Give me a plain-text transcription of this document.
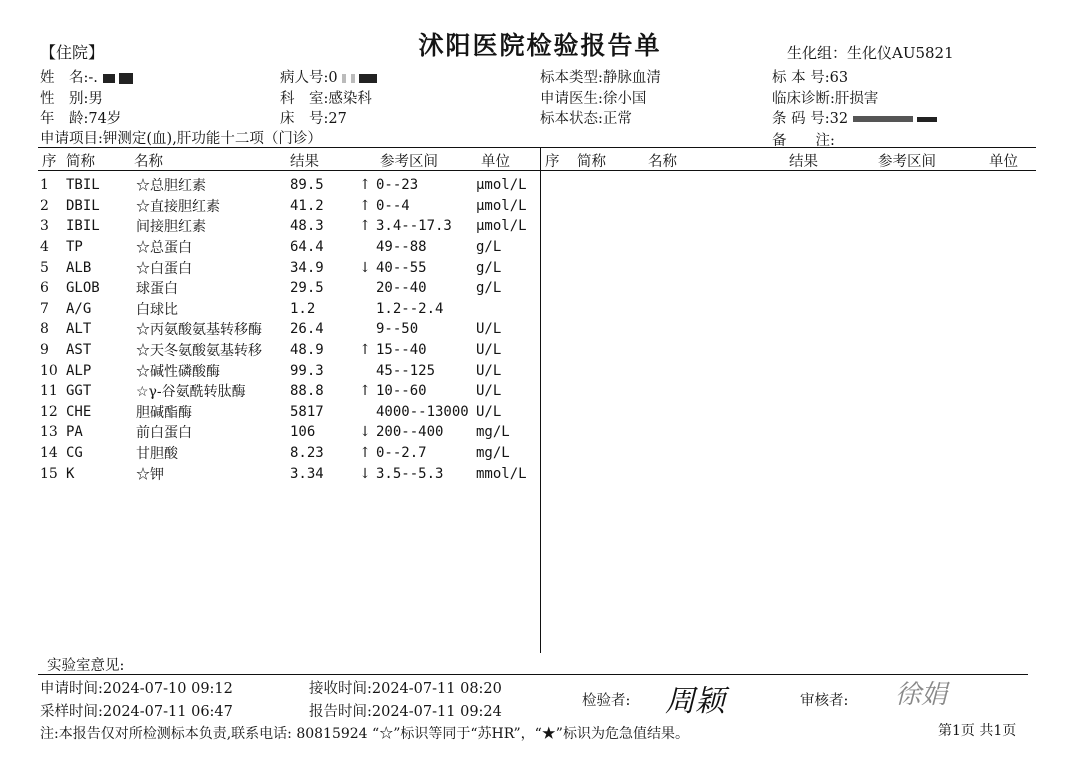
【住院】	沭阳医院检验报告单	生化组：生化仪AU5821
姓　名:-.
性　别:男
年　龄:74岁
申请项目:钾测定(血),肝功能十二项（门诊）
病人号:0
科　室:感染科
床　号:27
标本类型:静脉血清
申请医生:徐小国
标本状态:正常
标 本 号:63
临床诊断:肝损害
条 码 号:32
备　　注:
序 简称	名称	结果	参考区间	单位 序 简称	名称	结果	参考区间	单位
1	TBIL	☆总胆红素	89.5	↑	0--23	μmol/L
2	DBIL	☆直接胆红素	41.2	↑	0--4	μmol/L
3	IBIL	间接胆红素	48.3	↑	3.4--17.3	μmol/L
4	TP	☆总蛋白	64.4		49--88	g/L
5	ALB	☆白蛋白	34.9	↓	40--55	g/L
6	GLOB	球蛋白	29.5		20--40	g/L
7	A/G	白球比	1.2		1.2--2.4	
8	ALT	☆丙氨酸氨基转移酶	26.4		9--50	U/L
9	AST	☆天冬氨酸氨基转移	48.9	↑	15--40	U/L
10	ALP	☆碱性磷酸酶	99.3		45--125	U/L
11	GGT	☆γ-谷氨酰转肽酶	88.8	↑	10--60	U/L
12	CHE	胆碱酯酶	5817		4000--13000	U/L
13	PA	前白蛋白	106	↓	200--400	mg/L
14	CG	甘胆酸	8.23	↑	0--2.7	mg/L
15	K	☆钾	3.34	↓	3.5--5.3	mmol/L
实验室意见:
申请时间:2024-07-10 09:12	接收时间:2024-07-11 08:20
采样时间:2024-07-11 06:47	报告时间:2024-07-11 09:24
检验者: 周颖	审核者: 徐娟
注:本报告仅对所检测标本负责,联系电话: 80815924 “☆”标识等同于“苏HR”，“★”标识为危急值结果。	第1页 共1页
